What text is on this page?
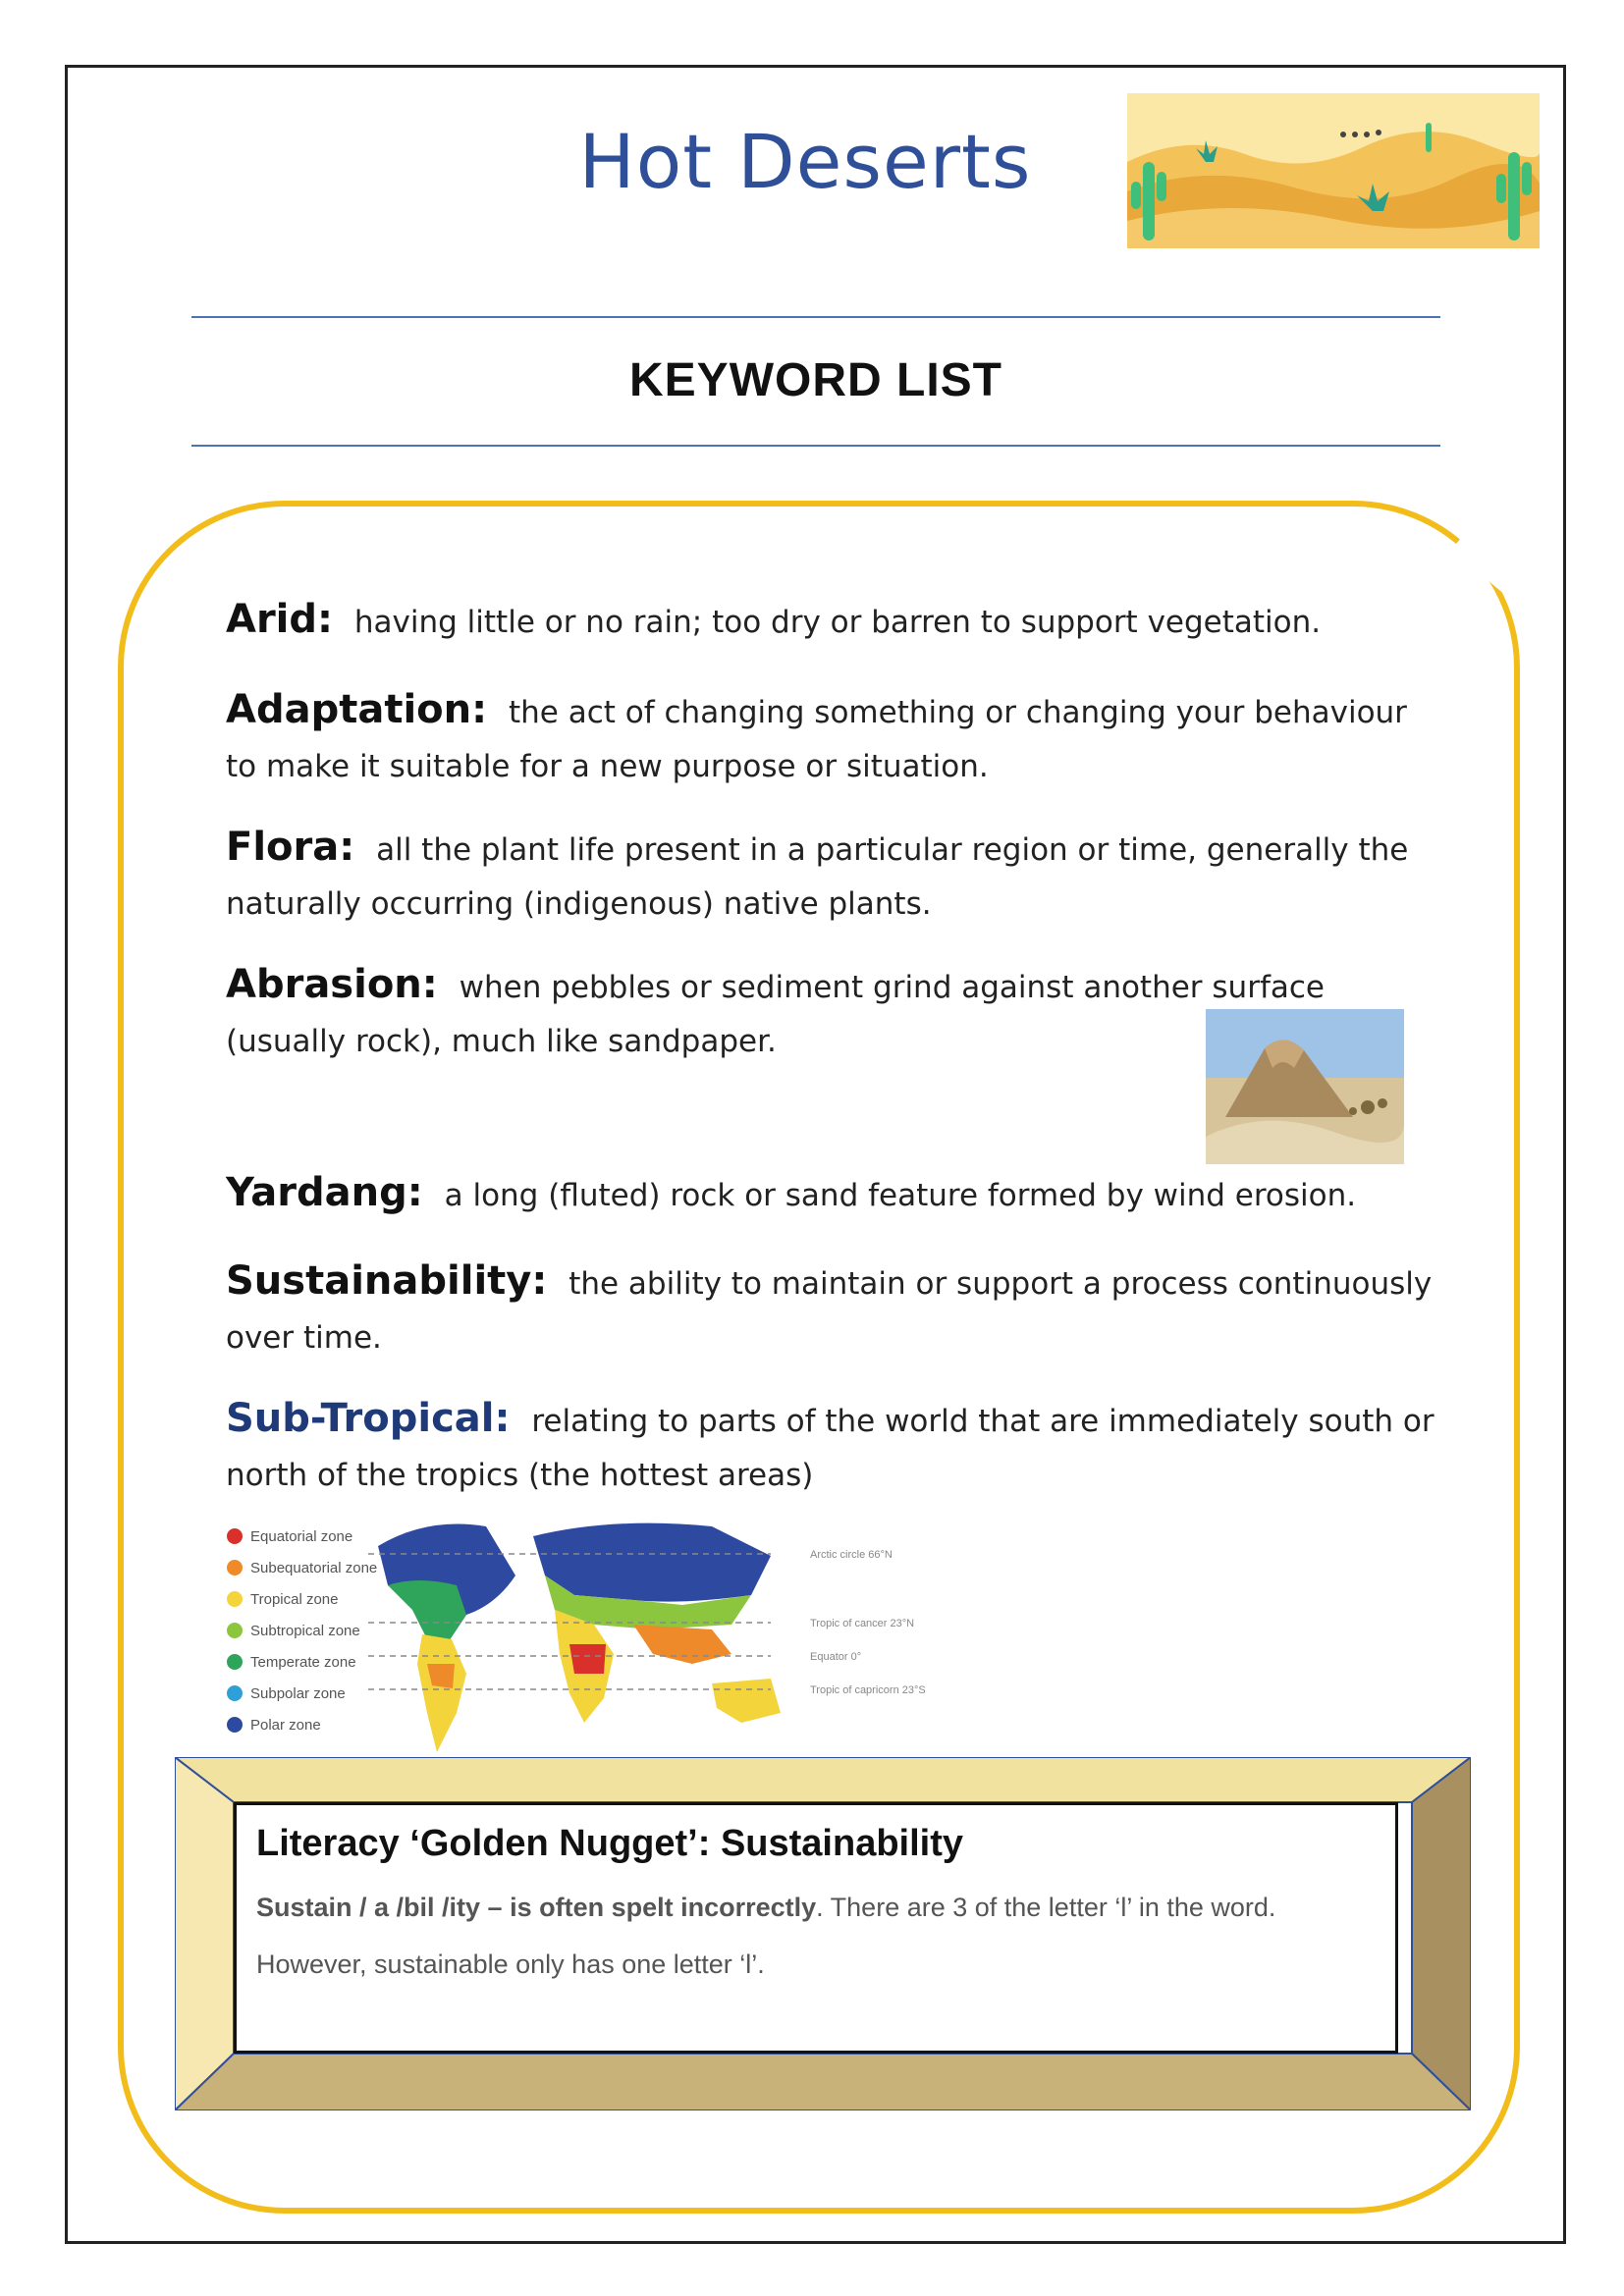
Hot Deserts
KEYWORD LIST
Arid: having little or no rain; too dry or barren to support vegetation.
Adaptation: the act of changing something or changing your behaviour to make it suitable for a new purpose or situation.
Flora: all the plant life present in a particular region or time, generally the naturally occurring (indigenous) native plants.
Abrasion: when pebbles or sediment grind against another surface (usually rock), much like sandpaper.
Yardang: a long (fluted) rock or sand feature formed by wind erosion.
Sustainability: the ability to maintain or support a process continuously over time.
Sub-Tropical: relating to parts of the world that are immediately south or north of the tropics (the hottest areas)
Equatorial zone
Subequatorial zone
Tropical zone
Subtropical zone
Temperate zone
Subpolar zone
Polar zone
Arctic circle 66°N
Tropic of cancer 23°N
Equator 0°
Tropic of capricorn 23°S
Literacy ‘Golden Nugget’: Sustainability
Sustain / a /bil /ity – is often spelt incorrectly. There are 3 of the letter ‘l’ in the word.
However, sustainable only has one letter ‘l’.
